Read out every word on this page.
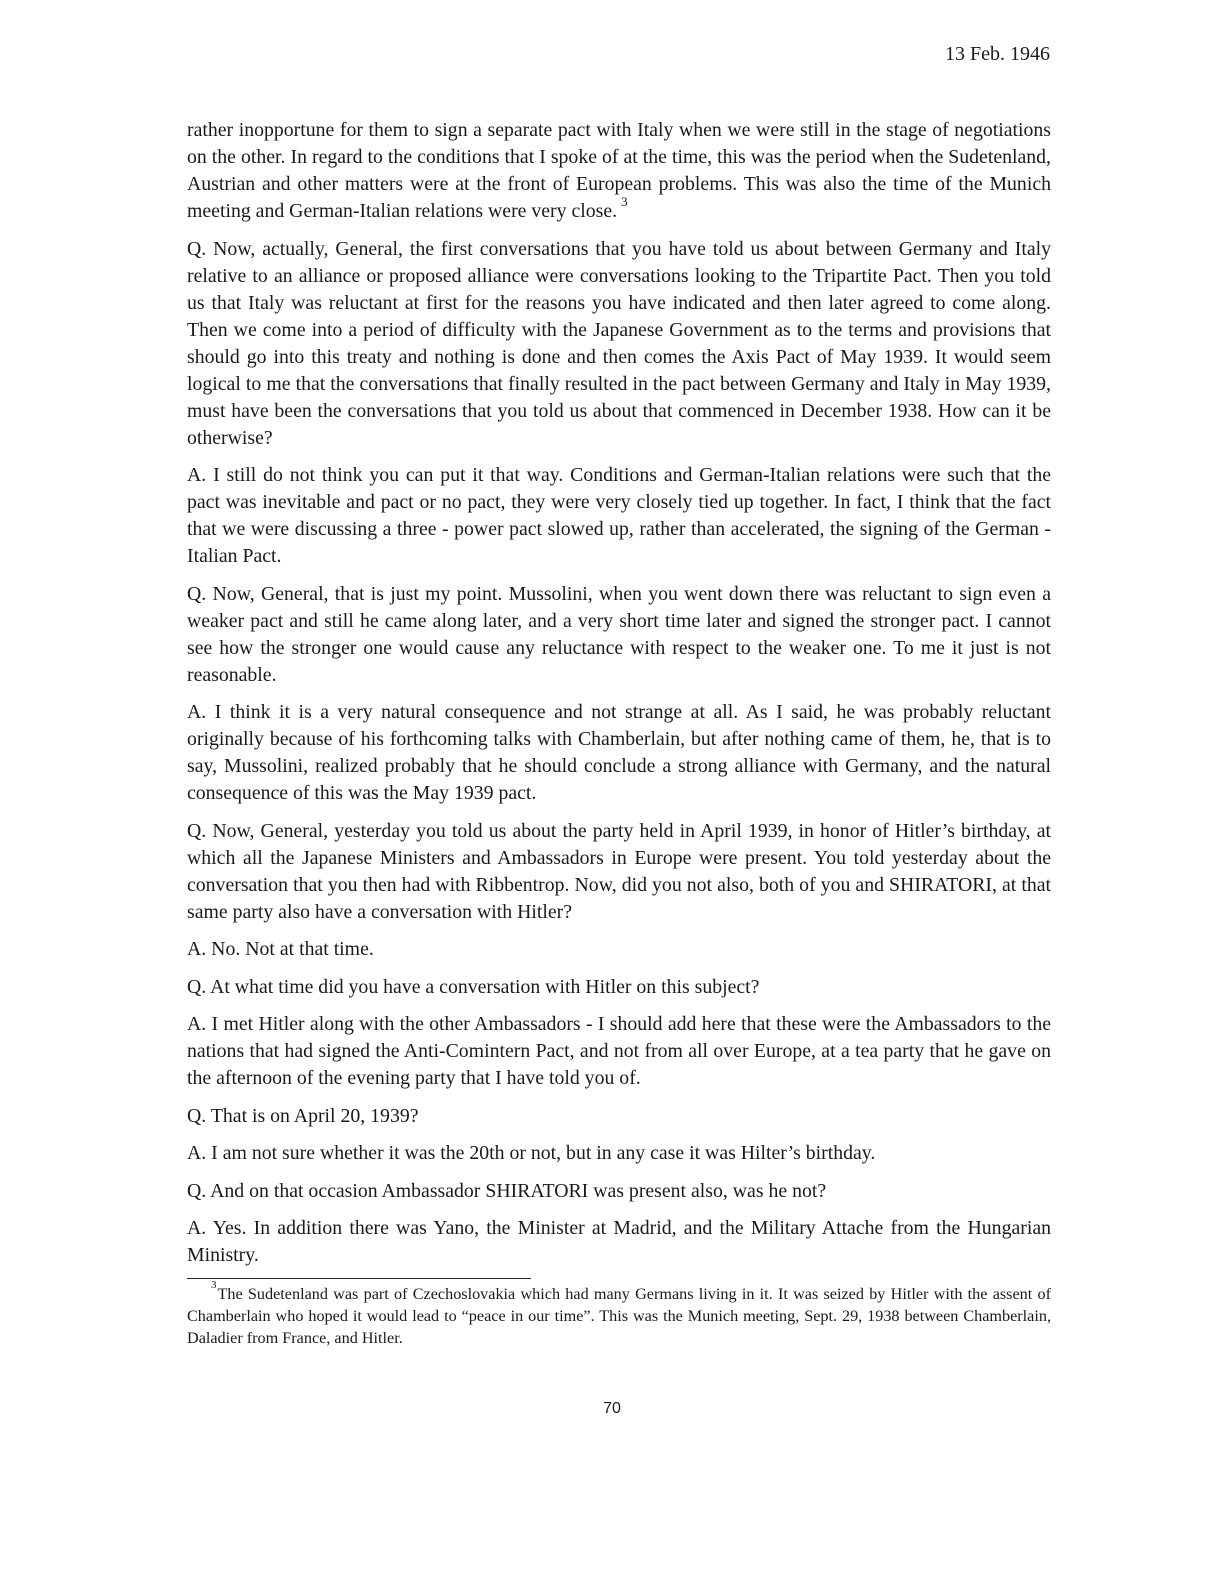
13 Feb. 1946

rather inopportune for them to sign a separate pact with Italy when we were still in the stage of negotiations on the other. In regard to the conditions that I spoke of at the time, this was the period when the Sudetenland, Austrian and other matters were at the front of European problems. This was also the time of the Munich meeting and German-Italian relations were very close. $^3$

Q. Now, actually, General, the first conversations that you have told us about between Germany and Italy relative to an alliance or proposed alliance were conversations looking to the Tripartite Pact. Then you told us that Italy was reluctant at first for the reasons you have indicated and then later agreed to come along. Then we come into a period of difficulty with the Japanese Government as to the terms and provisions that should go into this treaty and nothing is done and then comes the Axis Pact of May 1939. It would seem logical to me that the conversations that finally resulted in the pact between Germany and Italy in May 1939, must have been the conversations that you told us about that commenced in December 1938. How can it be otherwise?

A. I still do not think you can put it that way. Conditions and German-Italian relations were such that the pact was inevitable and pact or no pact, they were very closely tied up together. In fact, I think that the fact that we were discussing a three - power pact slowed up, rather than accelerated, the signing of the German - Italian Pact.

Q. Now, General, that is just my point. Mussolini, when you went down there was reluctant to sign even a weaker pact and still he came along later, and a very short time later and signed the stronger pact. I cannot see how the stronger one would cause any reluctance with respect to the weaker one. To me it just is not reasonable.

A. I think it is a very natural consequence and not strange at all. As I said, he was probably reluctant originally because of his forthcoming talks with Chamberlain, but after nothing came of them, he, that is to say, Mussolini, realized probably that he should conclude a strong alliance with Germany, and the natural consequence of this was the May 1939 pact.

Q. Now, General, yesterday you told us about the party held in April 1939, in honor of Hitler’s birthday, at which all the Japanese Ministers and Ambassadors in Europe were present. You told yesterday about the conversation that you then had with Ribbentrop. Now, did you not also, both of you and SHIRATORI, at that same party also have a conversation with Hitler?

A. No. Not at that time.

Q. At what time did you have a conversation with Hitler on this subject?

A. I met Hitler along with the other Ambassadors - I should add here that these were the Ambassadors to the nations that had signed the Anti-Comintern Pact, and not from all over Europe, at a tea party that he gave on the afternoon of the evening party that I have told you of.

Q. That is on April 20, 1939?

A. I am not sure whether it was the 20th or not, but in any case it was Hilter’s birthday.

Q. And on that occasion Ambassador SHIRATORI was present also, was he not?

A. Yes. In addition there was Yano, the Minister at Madrid, and the Military Attache from the Hungarian Ministry.

$^3$The Sudetenland was part of Czechoslovakia which had many Germans living in it. It was seized by Hitler with the assent of Chamberlain who hoped it would lead to “peace in our time”. This was the Munich meeting, Sept. 29, 1938 between Chamberlain, Daladier from France, and Hitler.
70
